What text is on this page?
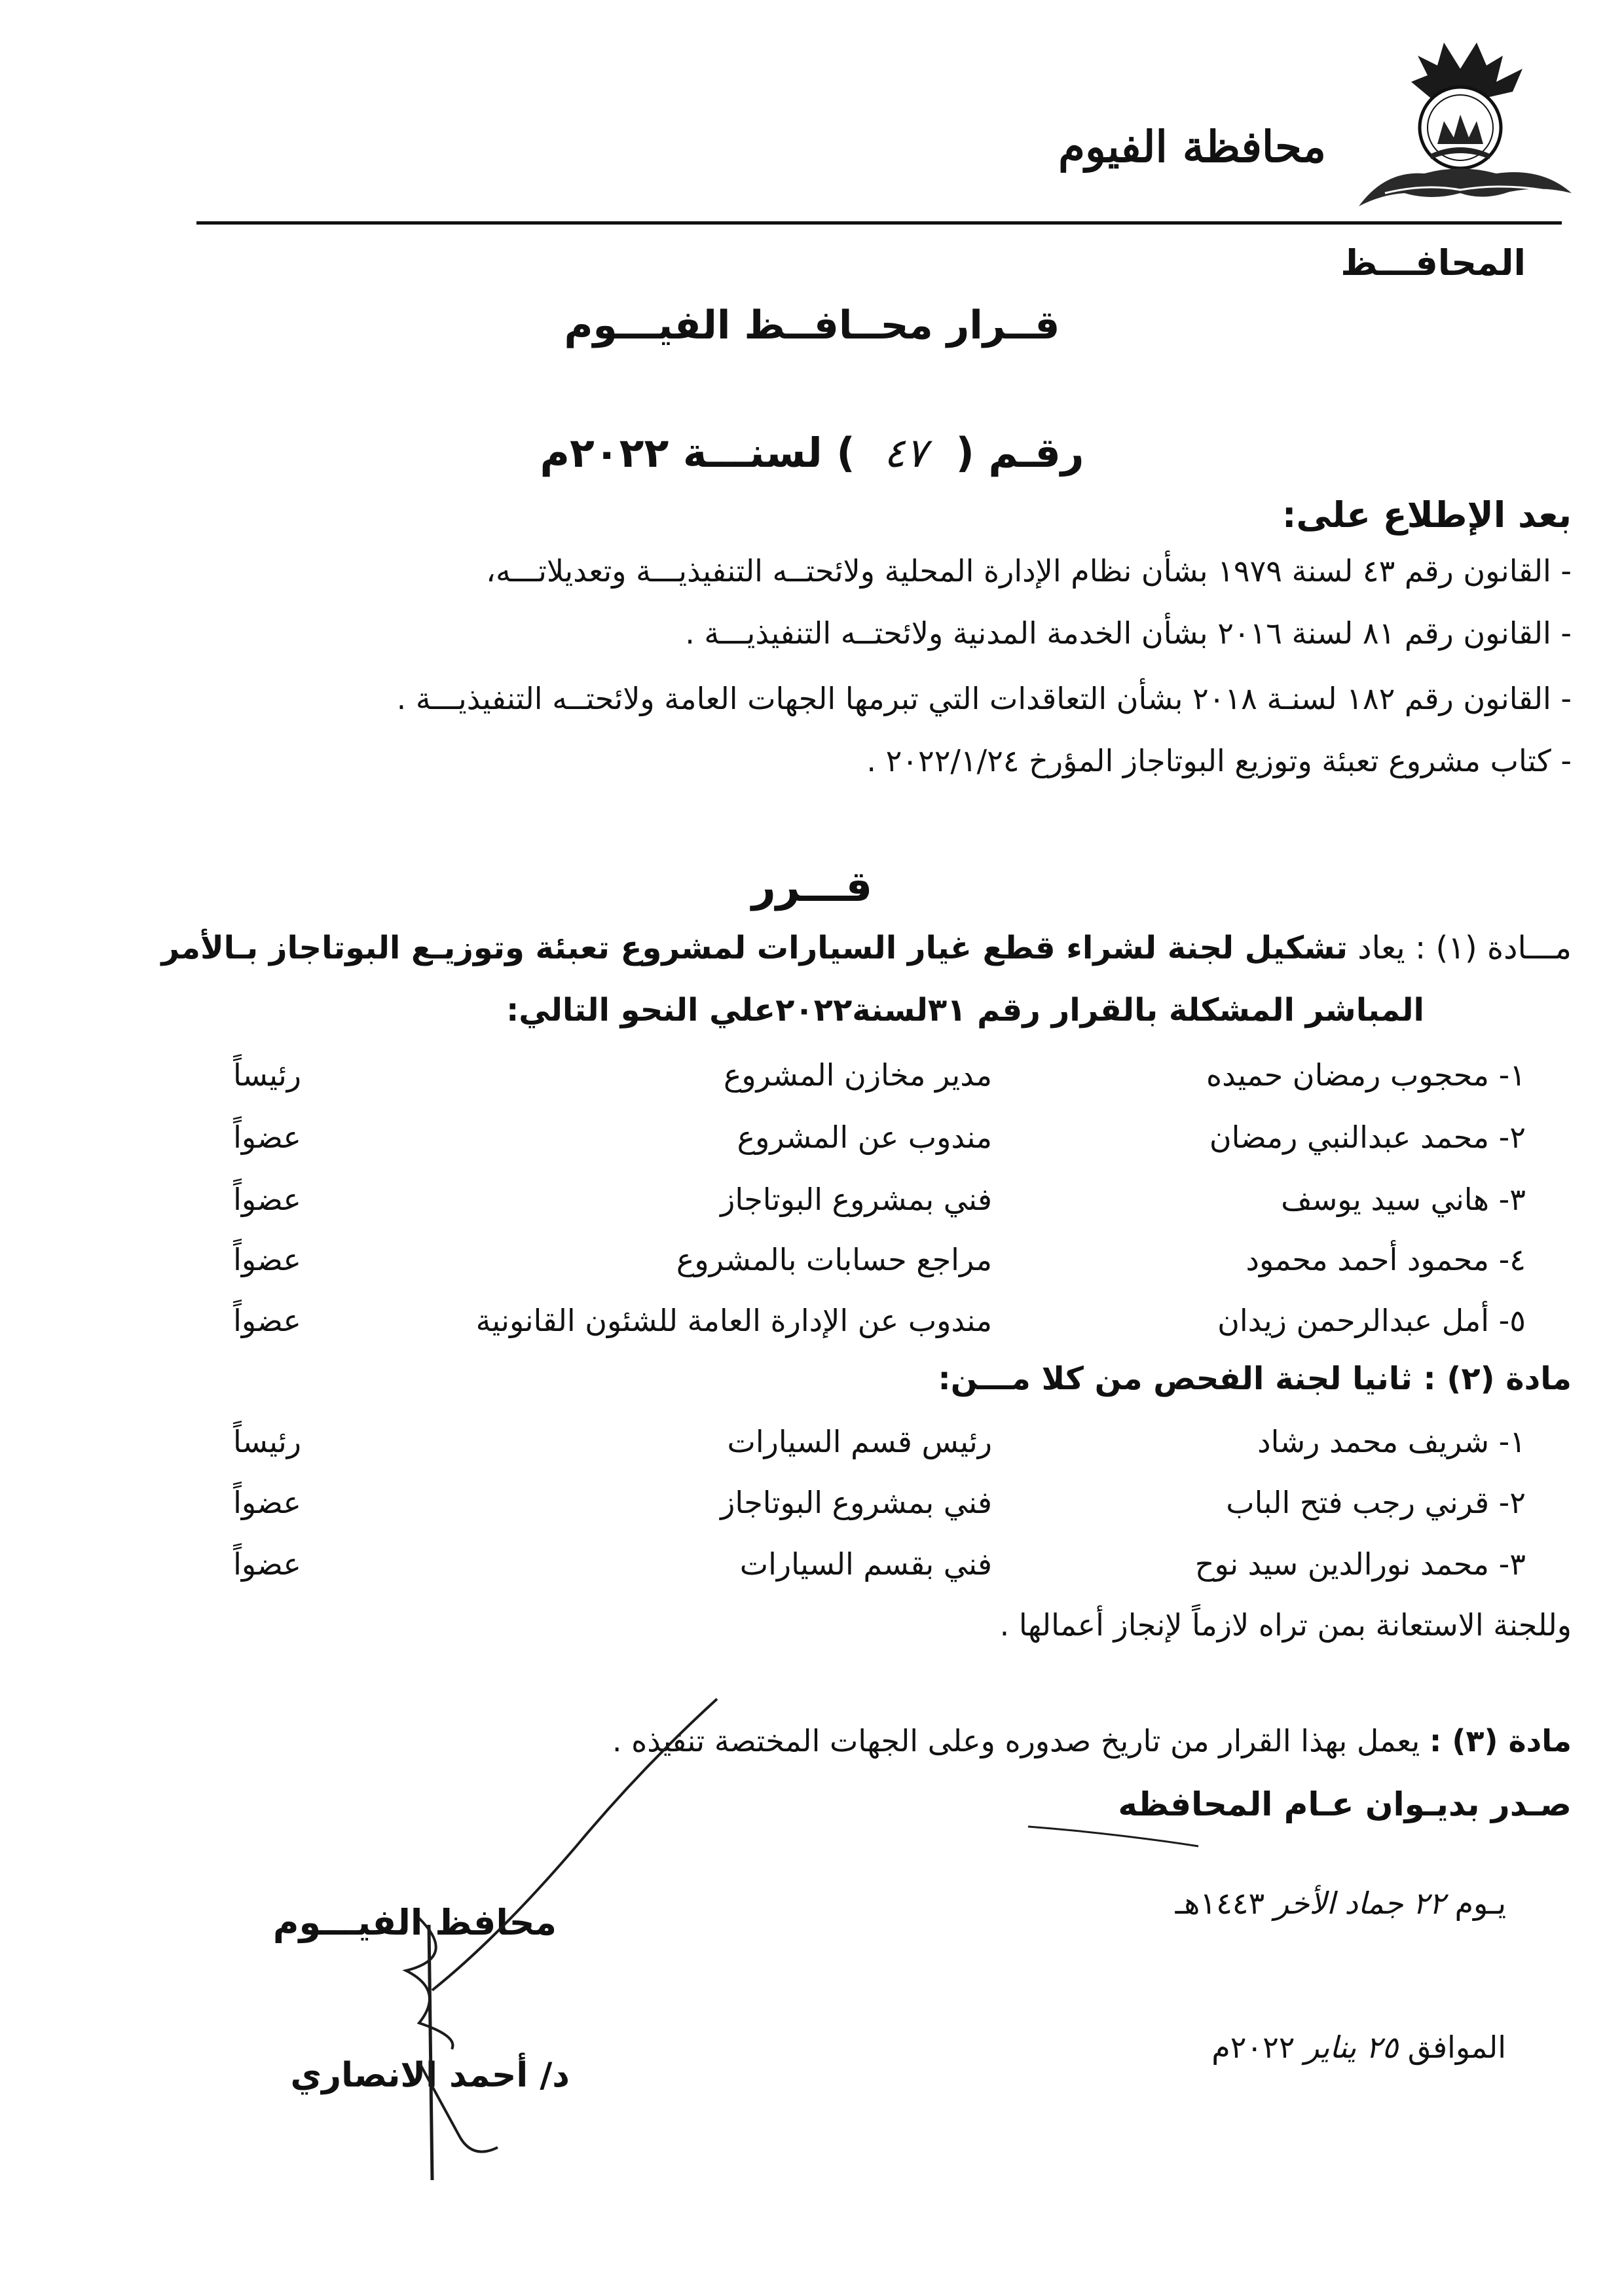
محافظة الفيوم
المحافـــظ
قــرار محــافــظ الفيـــوم
رقـم ( ٤٧ ) لسنـــة ٢٠٢٢م
بعد الإطلاع على:
- القانون رقم ٤٣ لسنة ١٩٧٩ بشأن نظام الإدارة المحلية ولائحتــه التنفيذيـــة وتعديلاتـــه،
- القانون رقم ٨١ لسنة ٢٠١٦ بشأن الخدمة المدنية ولائحتــه التنفيذيـــة .
- القانون رقم ١٨٢ لسنـة ٢٠١٨ بشأن التعاقدات التي تبرمها الجهات العامة ولائحتــه التنفيذيـــة .
- كتاب مشروع تعبئة وتوزيع البوتاجاز المؤرخ ٢٠٢٢/١/٢٤ .
قـــرر
مـــادة (١) : يعاد تشكيل لجنة لشراء قطع غيار السيارات لمشروع تعبئة وتوزيـع البوتاجاز بـالأمر
المباشر المشكلة بالقرار رقم ٣١لسنة٢٠٢٢علي النحو التالي:
١- محجوب رمضان حميده
مدير مخازن المشروع
رئيساً
٢- محمد عبدالنبي رمضان
مندوب عن المشروع
عضواً
٣- هاني سيد يوسف
فني بمشروع البوتاجاز
عضواً
٤- محمود أحمد محمود
مراجع حسابات بالمشروع
عضواً
٥- أمل عبدالرحمن زيدان
مندوب عن الإدارة العامة للشئون القانونية
عضواً
مادة (٢) : ثانيا لجنة الفحص من كلا مـــن:
١- شريف محمد رشاد
رئيس قسم السيارات
رئيساً
٢- قرني رجب فتح الباب
فني بمشروع البوتاجاز
عضواً
٣- محمد نورالدين سيد نوح
فني بقسم السيارات
عضواً
وللجنة الاستعانة بمن تراه لازماً لإنجاز أعمالها .
مادة (٣) : يعمل بهذا القرار من تاريخ صدوره وعلى الجهات المختصة تنفيذه .
صـدر بديـوان عـام المحافظه
يـوم ٢٢ جماد الأخر ١٤٤٣هـ
الموافق ٢٥ يناير ٢٠٢٢م
محافظ الفيـــوم
د/ أحمد الانصاري
